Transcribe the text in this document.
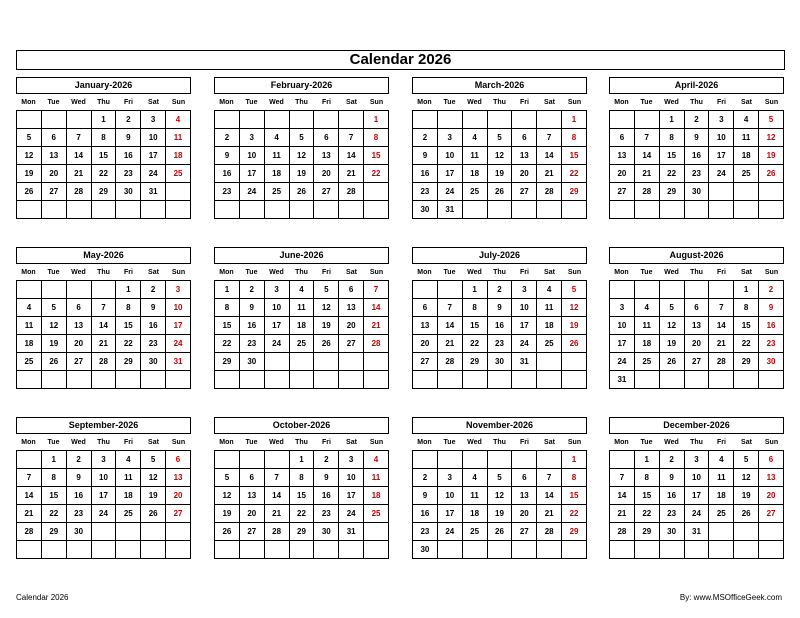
Calendar 2026
January-2026
Mon	Tue	Wed	Thu	Fri	Sat	Sun
			1	2	3	4
5	6	7	8	9	10	11
12	13	14	15	16	17	18
19	20	21	22	23	24	25
26	27	28	29	30	31	

February-2026
Mon	Tue	Wed	Thu	Fri	Sat	Sun
						1
2	3	4	5	6	7	8
9	10	11	12	13	14	15
16	17	18	19	20	21	22
23	24	25	26	27	28	

March-2026
Mon	Tue	Wed	Thu	Fri	Sat	Sun
						1
2	3	4	5	6	7	8
9	10	11	12	13	14	15
16	17	18	19	20	21	22
23	24	25	26	27	28	29
30	31					
April-2026
Mon	Tue	Wed	Thu	Fri	Sat	Sun
		1	2	3	4	5
6	7	8	9	10	11	12
13	14	15	16	17	18	19
20	21	22	23	24	25	26
27	28	29	30			

May-2026
Mon	Tue	Wed	Thu	Fri	Sat	Sun
				1	2	3
4	5	6	7	8	9	10
11	12	13	14	15	16	17
18	19	20	21	22	23	24
25	26	27	28	29	30	31

June-2026
Mon	Tue	Wed	Thu	Fri	Sat	Sun
1	2	3	4	5	6	7
8	9	10	11	12	13	14
15	16	17	18	19	20	21
22	23	24	25	26	27	28
29	30					

July-2026
Mon	Tue	Wed	Thu	Fri	Sat	Sun
		1	2	3	4	5
6	7	8	9	10	11	12
13	14	15	16	17	18	19
20	21	22	23	24	25	26
27	28	29	30	31		

August-2026
Mon	Tue	Wed	Thu	Fri	Sat	Sun
					1	2
3	4	5	6	7	8	9
10	11	12	13	14	15	16
17	18	19	20	21	22	23
24	25	26	27	28	29	30
31						
September-2026
Mon	Tue	Wed	Thu	Fri	Sat	Sun
	1	2	3	4	5	6
7	8	9	10	11	12	13
14	15	16	17	18	19	20
21	22	23	24	25	26	27
28	29	30				

October-2026
Mon	Tue	Wed	Thu	Fri	Sat	Sun
			1	2	3	4
5	6	7	8	9	10	11
12	13	14	15	16	17	18
19	20	21	22	23	24	25
26	27	28	29	30	31	

November-2026
Mon	Tue	Wed	Thu	Fri	Sat	Sun
						1
2	3	4	5	6	7	8
9	10	11	12	13	14	15
16	17	18	19	20	21	22
23	24	25	26	27	28	29
30						
December-2026
Mon	Tue	Wed	Thu	Fri	Sat	Sun
	1	2	3	4	5	6
7	8	9	10	11	12	13
14	15	16	17	18	19	20
21	22	23	24	25	26	27
28	29	30	31			

Calendar 2026	By: www.MSOfficeGeek.com
